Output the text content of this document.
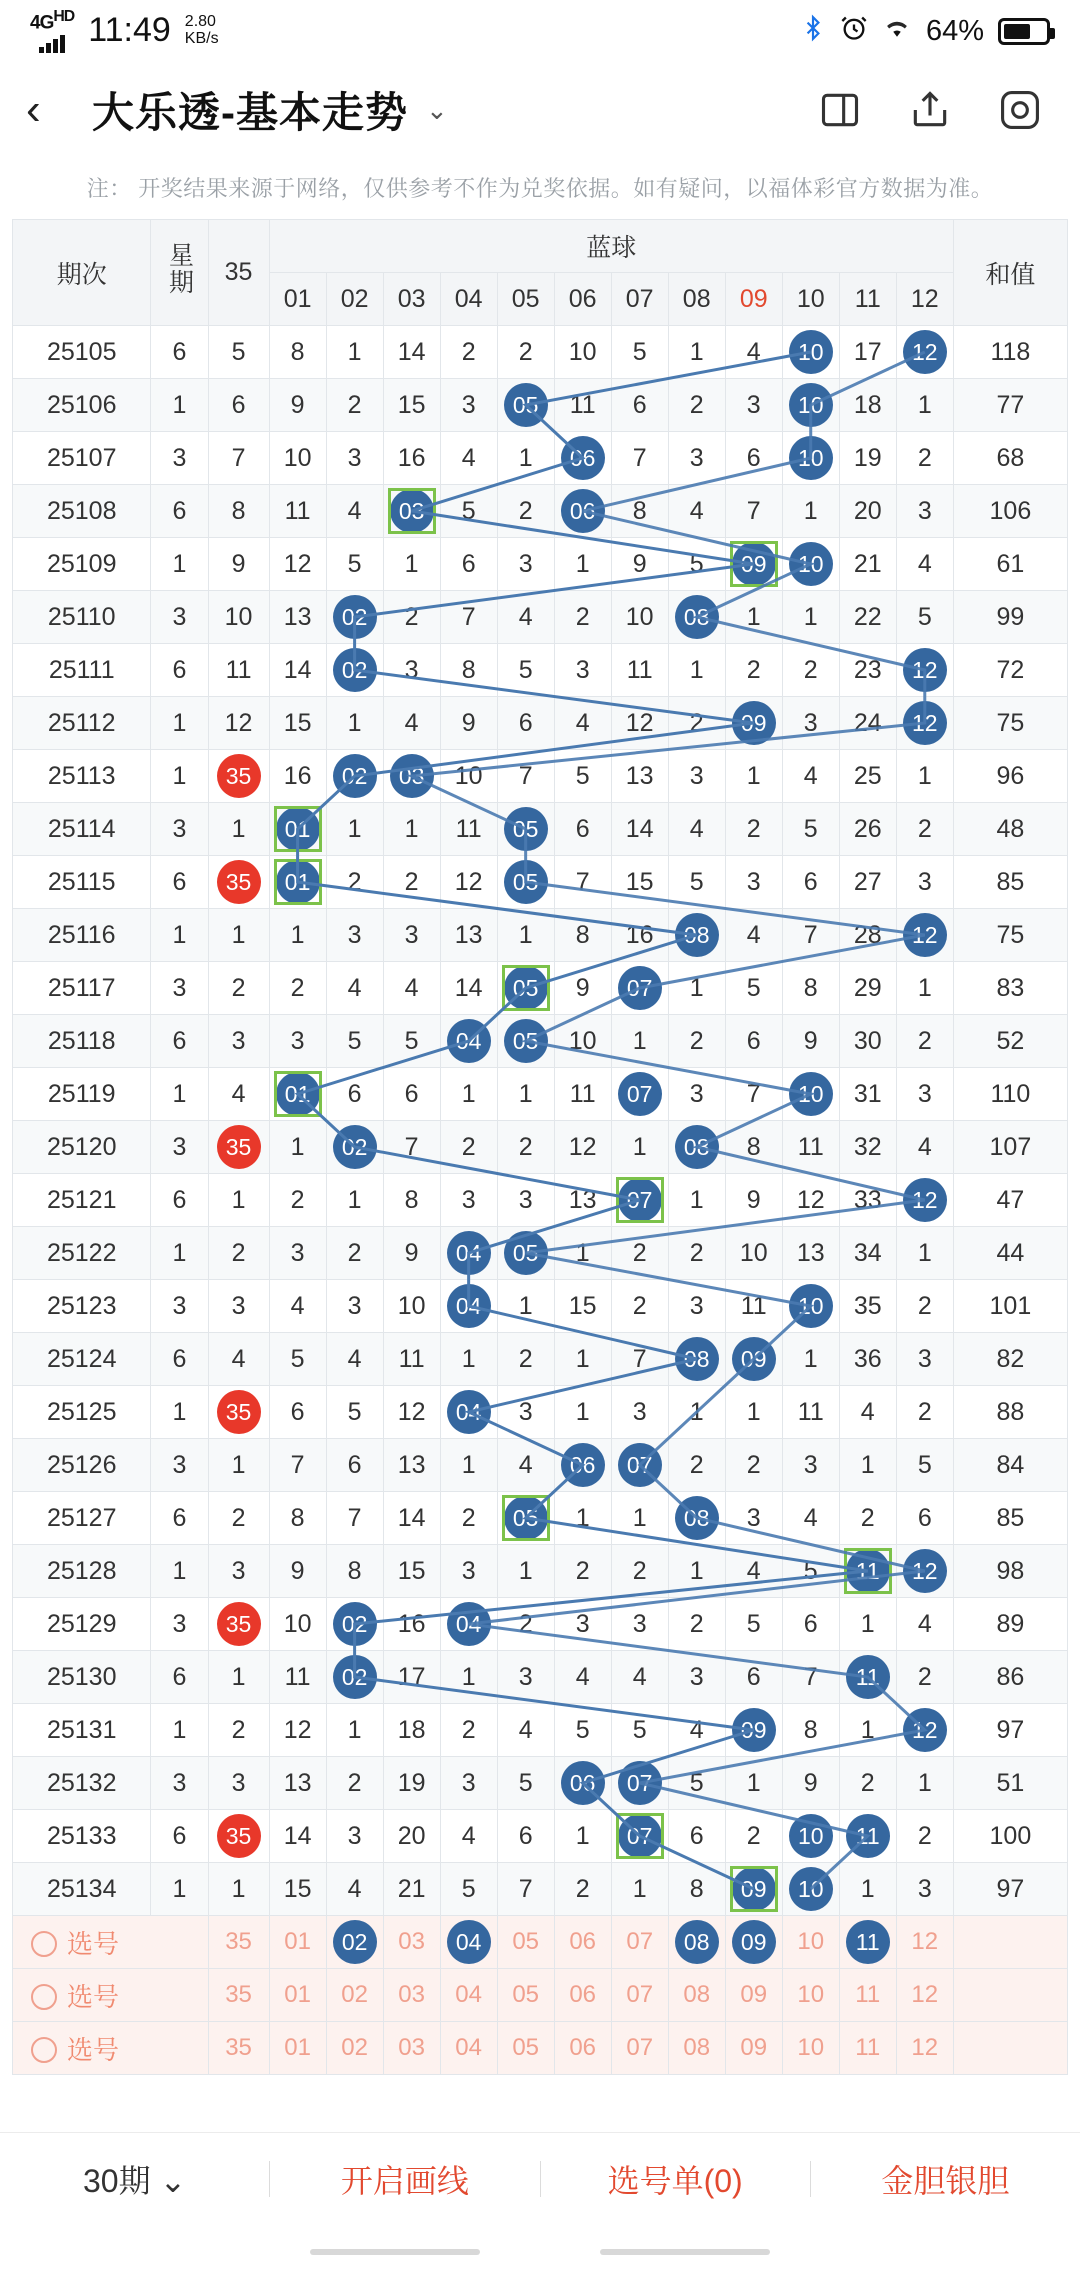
$4G^{HD}$ 11:49 2.80
KB/s	64%
‹	大乐透-基本走势 ⌄
注： 开奖结果来源于网络，仅供参考不作为兑奖依据。如有疑问，以福体彩官方数据为准。
期次	星期	35	蓝球												和值
			01	02	03	04	05	06	07	08	09	10	11	12	
25105	6	5	8	1	14	2	2	10	5	1	4	10	17	12	118
25106	1	6	9	2	15	3	05	11	6	2	3	10	18	1	77
25107	3	7	10	3	16	4	1	06	7	3	6	10	19	2	68
25108	6	8	11	4	03	5	2	06	8	4	7	1	20	3	106
25109	1	9	12	5	1	6	3	1	9	5	09	10	21	4	61
25110	3	10	13	02	2	7	4	2	10	08	1	1	22	5	99
25111	6	11	14	02	3	8	5	3	11	1	2	2	23	12	72
25112	1	12	15	1	4	9	6	4	12	2	09	3	24	12	75
25113	1	35	16	02	03	10	7	5	13	3	1	4	25	1	96
25114	3	1	01	1	1	11	05	6	14	4	2	5	26	2	48
25115	6	35	01	2	2	12	05	7	15	5	3	6	27	3	85
25116	1	1	1	3	3	13	1	8	16	08	4	7	28	12	75
25117	3	2	2	4	4	14	05	9	07	1	5	8	29	1	83
25118	6	3	3	5	5	04	05	10	1	2	6	9	30	2	52
25119	1	4	01	6	6	1	1	11	07	3	7	10	31	3	110
25120	3	35	1	02	7	2	2	12	1	08	8	11	32	4	107
25121	6	1	2	1	8	3	3	13	07	1	9	12	33	12	47
25122	1	2	3	2	9	04	05	1	2	2	10	13	34	1	44
25123	3	3	4	3	10	04	1	15	2	3	11	10	35	2	101
25124	6	4	5	4	11	1	2	1	7	08	09	1	36	3	82
25125	1	35	6	5	12	04	3	1	3	1	1	11	4	2	88
25126	3	1	7	6	13	1	4	06	07	2	2	3	1	5	84
25127	6	2	8	7	14	2	05	1	1	08	3	4	2	6	85
25128	1	3	9	8	15	3	1	2	2	1	4	5	11	12	98
25129	3	35	10	02	16	04	2	3	3	2	5	6	1	4	89
25130	6	1	11	02	17	1	3	4	4	3	6	7	11	2	86
25131	1	2	12	1	18	2	4	5	5	4	09	8	1	12	97
25132	3	3	13	2	19	3	5	06	07	5	1	9	2	1	51
25133	6	35	14	3	20	4	6	1	07	6	2	10	11	2	100
25134	1	1	15	4	21	5	7	2	1	8	09	10	1	3	97
选号		35	01	02	03	04	05	06	07	08	09	10	11	12	
选号		35	01	02	03	04	05	06	07	08	09	10	11	12	
选号		35	01	02	03	04	05	06	07	08	09	10	11	12	
30期 ⌄	开启画线	选号单(0)	金胆银胆
